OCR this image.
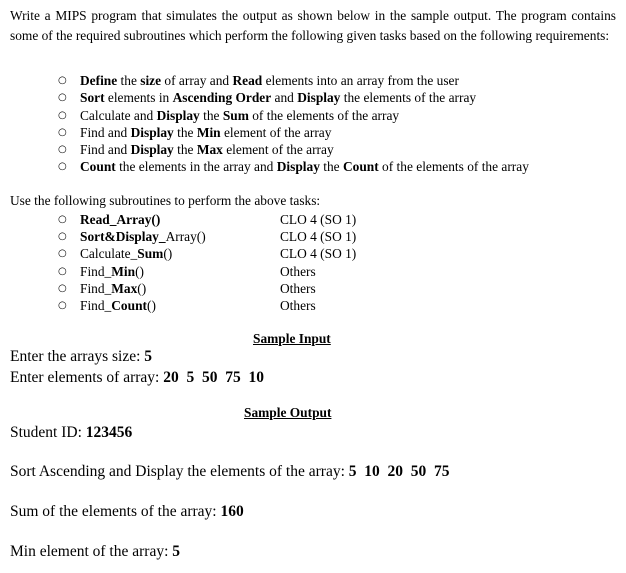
Write a MIPS program that simulates the output as shown below in the sample output. The program contains some of the required subroutines which perform the following given tasks based on the following requirements:
○ Define the size of array and Read elements into an array from the user
○ Sort elements in Ascending Order and Display the elements of the array
○ Calculate and Display the Sum of the elements of the array
○ Find and Display the Min element of the array
○ Find and Display the Max element of the array
○ Count the elements in the array and Display the Count of the elements of the array
Use the following subroutines to perform the above tasks:
○ Read_Array()	CLO 4 (SO 1)
○ Sort&Display_Array()	CLO 4 (SO 1)
○ Calculate_Sum()	CLO 4 (SO 1)
○ Find_Min()	Others
○ Find_Max()	Others
○ Find_Count()	Others
Sample Input
Enter the arrays size: 5
Enter elements of array: 20  5  50  75  10
Sample Output
Student ID: 123456
Sort Ascending and Display the elements of the array: 5  10  20  50  75
Sum of the elements of the array: 160
Min element of the array: 5
